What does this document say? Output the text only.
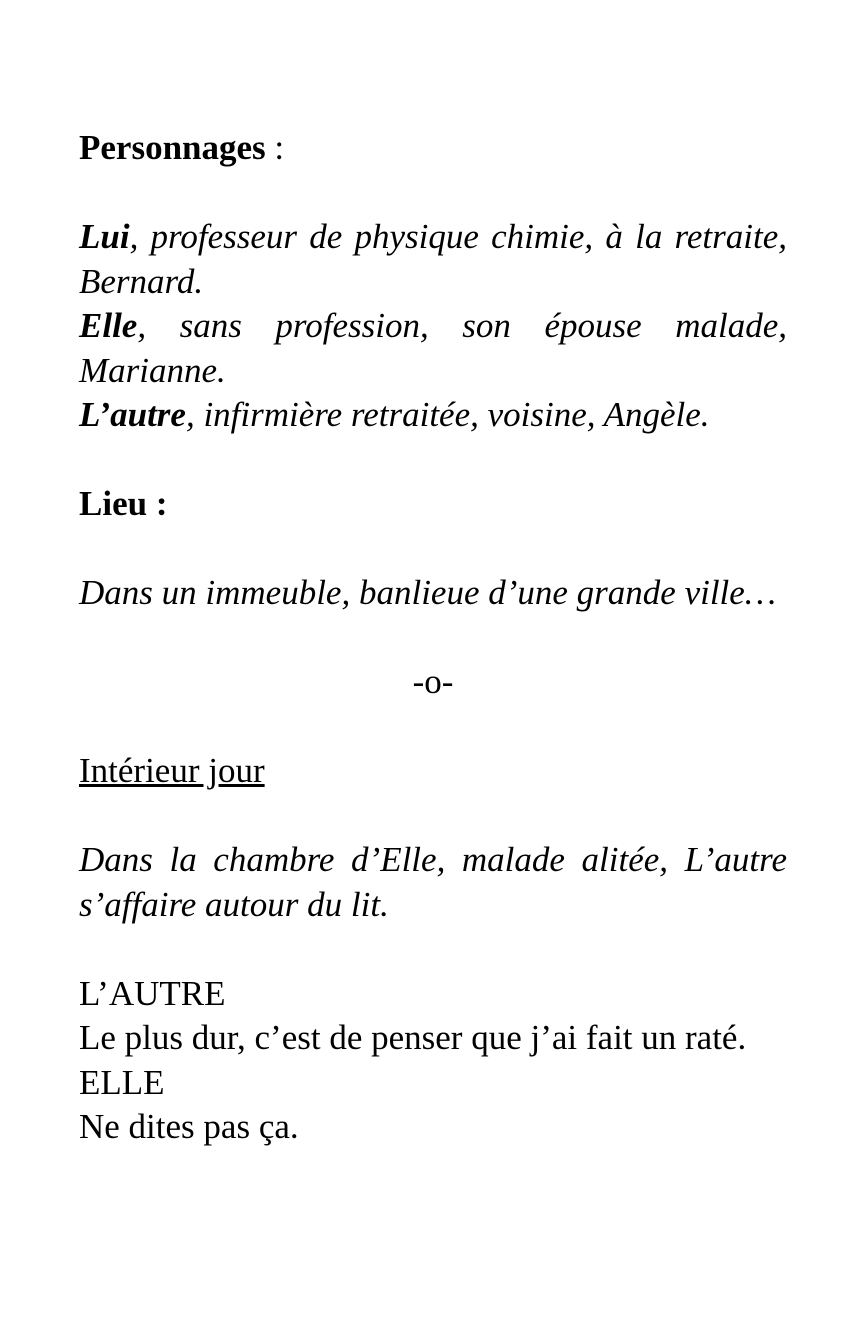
Personnages :

Lui, professeur de physique chimie, à la retraite, Bernard.

Elle, sans profession, son épouse malade, Marianne.

L’autre, infirmière retraitée, voisine, Angèle.

Lieu :

Dans un immeuble, banlieue d’une grande ville…

-o-

Intérieur jour

Dans la chambre d’Elle, malade alitée, L’autre s’affaire autour du lit.

L’AUTRE

Le plus dur, c’est de penser que j’ai fait un raté.

ELLE

Ne dites pas ça.
